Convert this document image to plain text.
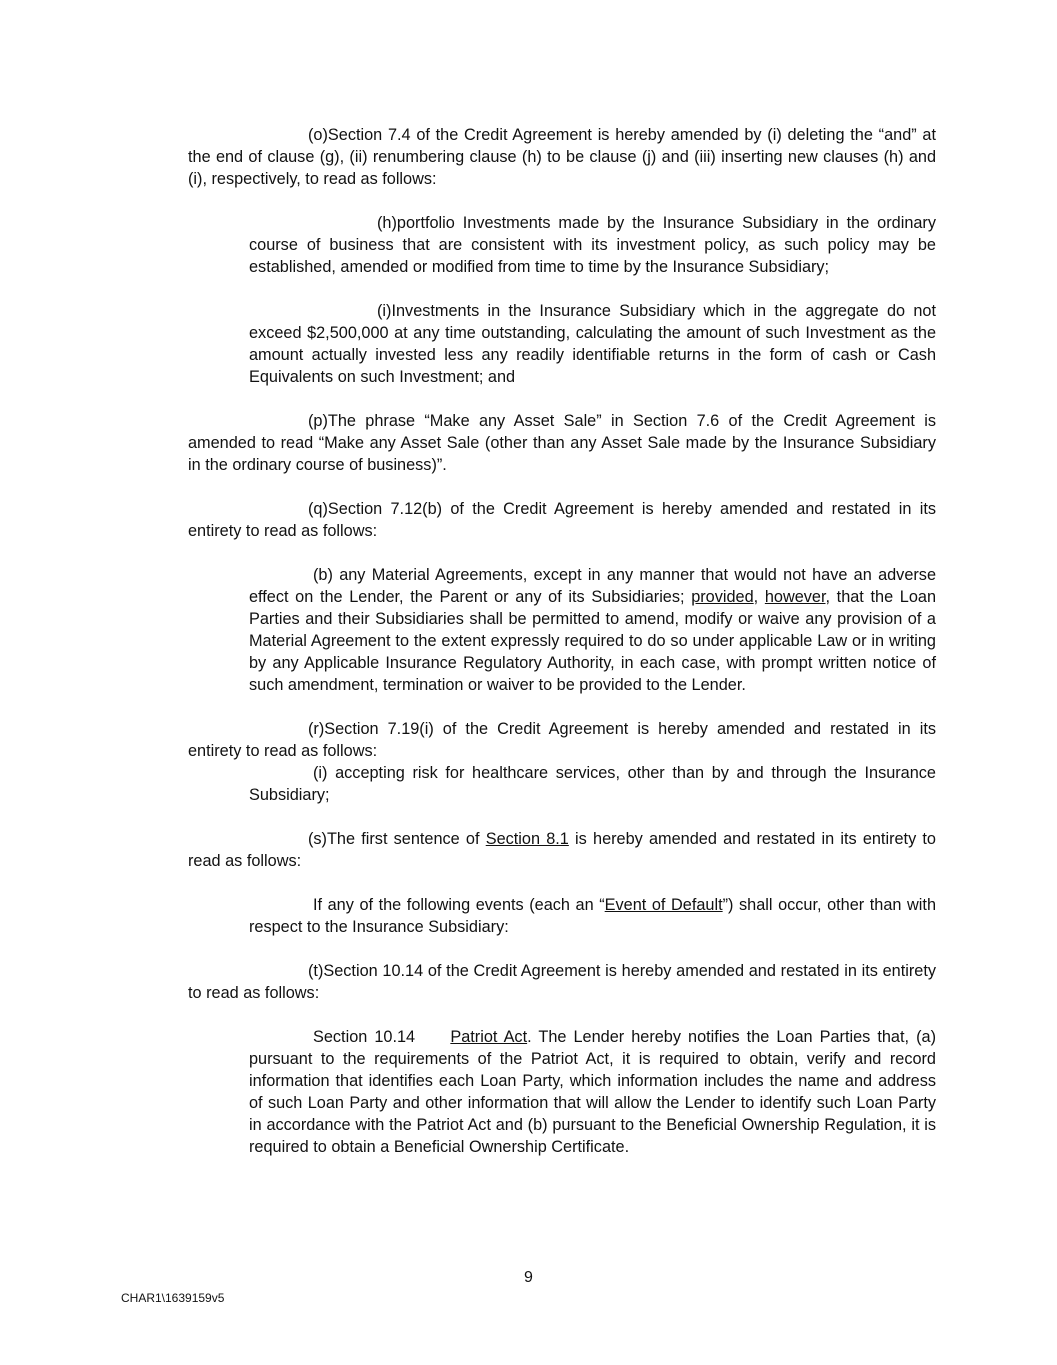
(o)Section 7.4 of the Credit Agreement is hereby amended by (i) deleting the “and” at the end of clause (g), (ii) renumbering clause (h) to be clause (j) and (iii) inserting new clauses (h) and (i), respectively, to read as follows:

(h)portfolio Investments made by the Insurance Subsidiary in the ordinary course of business that are consistent with its investment policy, as such policy may be established, amended or modified from time to time by the Insurance Subsidiary;

(i)Investments in the Insurance Subsidiary which in the aggregate do not exceed $2,500,000 at any time outstanding, calculating the amount of such Investment as the amount actually invested less any readily identifiable returns in the form of cash or Cash Equivalents on such Investment; and

(p)The phrase “Make any Asset Sale” in Section 7.6 of the Credit Agreement is amended to read “Make any Asset Sale (other than any Asset Sale made by the Insurance Subsidiary in the ordinary course of business)”.

(q)Section 7.12(b) of the Credit Agreement is hereby amended and restated in its entirety to read as follows:

(b) any Material Agreements, except in any manner that would not have an adverse effect on the Lender, the Parent or any of its Subsidiaries; provided, however, that the Loan Parties and their Subsidiaries shall be permitted to amend, modify or waive any provision of a Material Agreement to the extent expressly required to do so under applicable Law or in writing by any Applicable Insurance Regulatory Authority, in each case, with prompt written notice of such amendment, termination or waiver to be provided to the Lender.

(r)Section 7.19(i) of the Credit Agreement is hereby amended and restated in its entirety to read as follows:

(i) accepting risk for healthcare services, other than by and through the Insurance Subsidiary;

(s)The first sentence of Section 8.1 is hereby amended and restated in its entirety to read as follows:

If any of the following events (each an “Event of Default”) shall occur, other than with respect to the Insurance Subsidiary:

(t)Section 10.14 of the Credit Agreement is hereby amended and restated in its entirety to read as follows:

Section 10.14 Patriot Act. The Lender hereby notifies the Loan Parties that, (a) pursuant to the requirements of the Patriot Act, it is required to obtain, verify and record information that identifies each Loan Party, which information includes the name and address of such Loan Party and other information that will allow the Lender to identify such Loan Party in accordance with the Patriot Act and (b) pursuant to the Beneficial Ownership Regulation, it is required to obtain a Beneficial Ownership Certificate.

9
CHAR1\1639159v5
